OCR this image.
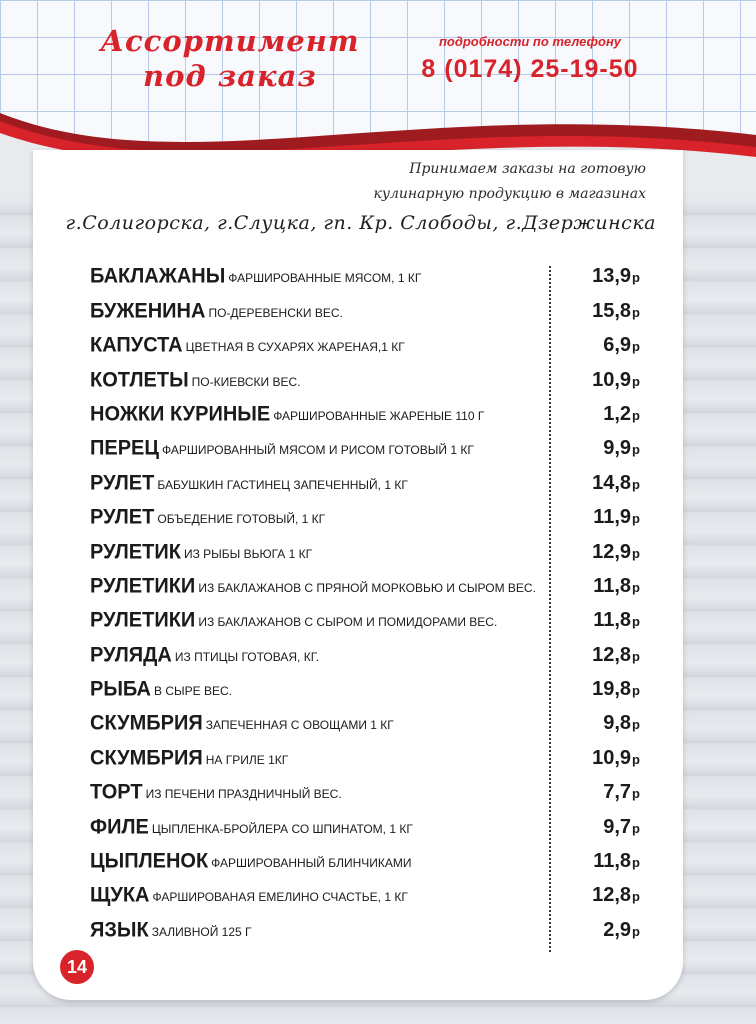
Ассортимент
под заказ
подробности по телефону
8 (0174) 25-19-50
Принимаем заказы на готовую
кулинарную продукцию в магазинах
г.Солигорска, г.Слуцка, гп. Кр. Слободы, г.Дзержинска
БАКЛАЖАНЫ ФАРШИРОВАННЫЕ МЯСОМ, 1 КГ	13,9р
БУЖЕНИНА ПО-ДЕРЕВЕНСКИ ВЕС.	15,8р
КАПУСТА ЦВЕТНАЯ В СУХАРЯХ ЖАРЕНАЯ,1 КГ	6,9р
КОТЛЕТЫ ПО-КИЕВСКИ ВЕС.	10,9р
НОЖКИ КУРИНЫЕ ФАРШИРОВАННЫЕ ЖАРЕНЫЕ 110 Г	1,2р
ПЕРЕЦ ФАРШИРОВАННЫЙ МЯСОМ И РИСОМ ГОТОВЫЙ 1 КГ	9,9р
РУЛЕТ БАБУШКИН ГАСТИНЕЦ ЗАПЕЧЕННЫЙ, 1 КГ	14,8р
РУЛЕТ ОБЪЕДЕНИЕ ГОТОВЫЙ, 1 КГ	11,9р
РУЛЕТИК ИЗ РЫБЫ ВЬЮГА 1 КГ	12,9р
РУЛЕТИКИ ИЗ БАКЛАЖАНОВ С ПРЯНОЙ МОРКОВЬЮ И СЫРОМ ВЕС.	11,8р
РУЛЕТИКИ ИЗ БАКЛАЖАНОВ С СЫРОМ И ПОМИДОРАМИ ВЕС.	11,8р
РУЛЯДА ИЗ ПТИЦЫ ГОТОВАЯ, КГ.	12,8р
РЫБА В СЫРЕ ВЕС.	19,8р
СКУМБРИЯ ЗАПЕЧЕННАЯ С ОВОЩАМИ 1 КГ	9,8р
СКУМБРИЯ НА ГРИЛЕ 1КГ	10,9р
ТОРТ ИЗ ПЕЧЕНИ ПРАЗДНИЧНЫЙ ВЕС.	7,7р
ФИЛЕ ЦЫПЛЕНКА-БРОЙЛЕРА СО ШПИНАТОМ, 1 КГ	9,7р
ЦЫПЛЕНОК ФАРШИРОВАННЫЙ БЛИНЧИКАМИ	11,8р
ЩУКА ФАРШИРОВАНАЯ ЕМЕЛИНО СЧАСТЬЕ, 1 КГ	12,8р
ЯЗЫК ЗАЛИВНОЙ 125 Г	2,9р
14
